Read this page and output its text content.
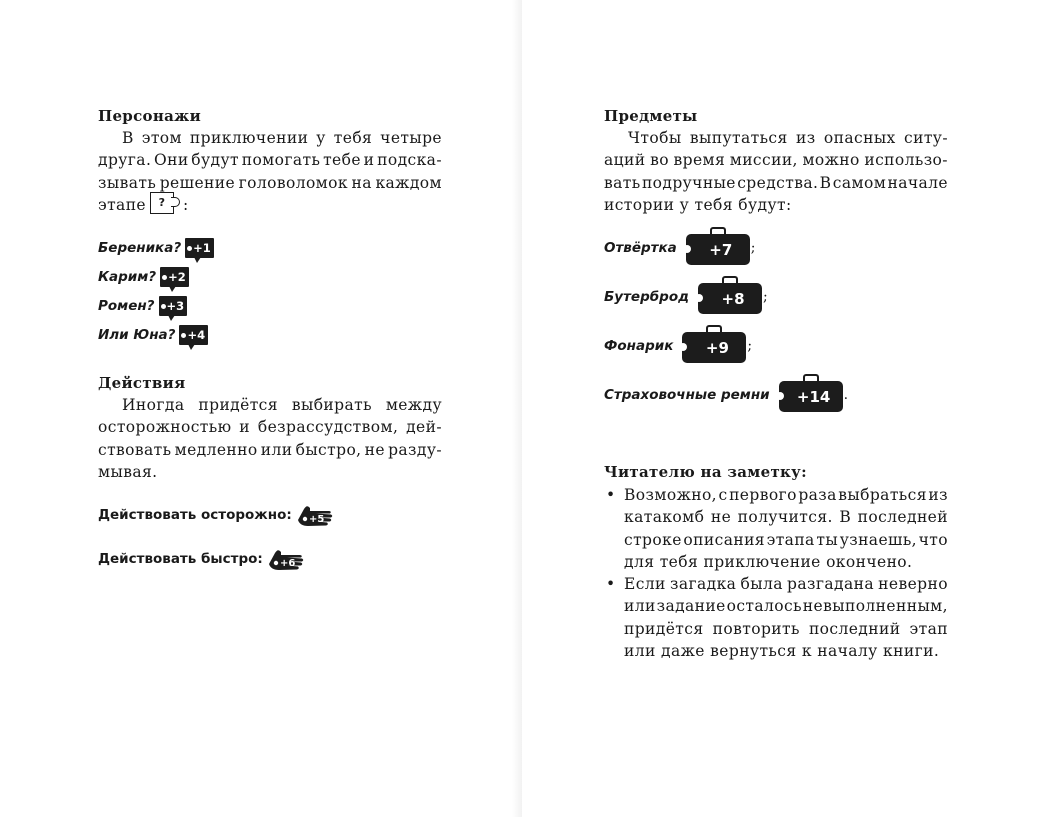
Персонажи
В этом приключении у тебя четыре
друга. Они будут помогать тебе и подска-
зывать решение головоломок на каждом
этапе ? :
Береника? +1
Карим? +2
Ромен? +3
Или Юна? +4
Действия
Иногда придётся выбирать между
осторожностью и безрассудством, дей-
ствовать медленно или быстро, не разду-
мывая.
Действовать осторожно: +5
Действовать быстро: +6
Предметы
Чтобы выпутаться из опасных ситу-
аций во время миссии, можно использо-
вать подручные средства. В самом начале
истории у тебя будут:
Отвёртка +7 ;
Бутерброд +8 ;
Фонарик +9 ;
Страховочные ремни +14 .
Читателю на заметку:
• Возможно, с первого раза выбраться из
катакомб не получится. В последней
строке описания этапа ты узнаешь, что
для тебя приключение окончено.
• Если загадка была разгадана неверно
или задание осталось невыполненным,
придётся повторить последний этап
или даже вернуться к началу книги.
